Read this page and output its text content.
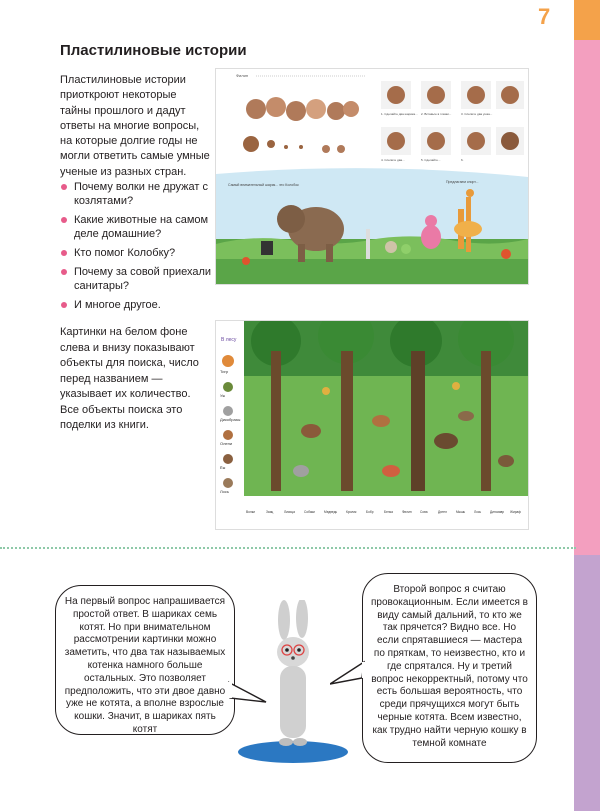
7
Пластилиновые истории

Пластилиновые истории приоткроют некоторые тайны прошлого и дадут ответы на многие вопросы, на которые долгие годы не могли ответить самые умные ученые из разных стран.

Почему волки не дружат с козлятами?
Какие животные на самом деле домашние?
Кто помог Колобку?
Почему за совой приехали санитары?
И многое другое.

Картинки на белом фоне слева и внизу показывают объекты для поиска, число перед названием — указывает их количество. Все объекты поиска это поделки из книги.

Филин
1. Сделайте два шарика... 2. Вставьте в глазки...	3. Слепите два ушка...
4. Слепите два...	5. Сделайте...	6.
Самый внимательный шарик... это Колобок
Предлагаем спорт...
В лесу
Тигр
Уж
Дикобразы
Олени
Ёж
Лось
Волки	Заяц	Лисица	Собаки	Медведь	Кролик	Бобр	Белка	Филин	Сова	Дятел	Мышь	Лось	Динозавр Жираф
На первый вопрос напрашивается простой ответ. В шариках семь котят. Но при внимательном рассмотрении картинки можно заметить, что два так называемых котенка намного больше остальных. Это позволяет предположить, что эти двое давно уже не котята, а вполне взрослые кошки. Значит, в шариках пять котят
Второй вопрос я считаю провокационным. Если имеется в виду самый дальний, то кто же так прячется? Видно все. Но если спрятавшиеся — мастера по пряткам, то неизвестно, кто и где спрятался. Ну и третий вопрос некорректный, потому что есть большая вероятность, что среди прячущихся могут быть черные котята. Всем известно, как трудно найти черную кошку в темной комнате
